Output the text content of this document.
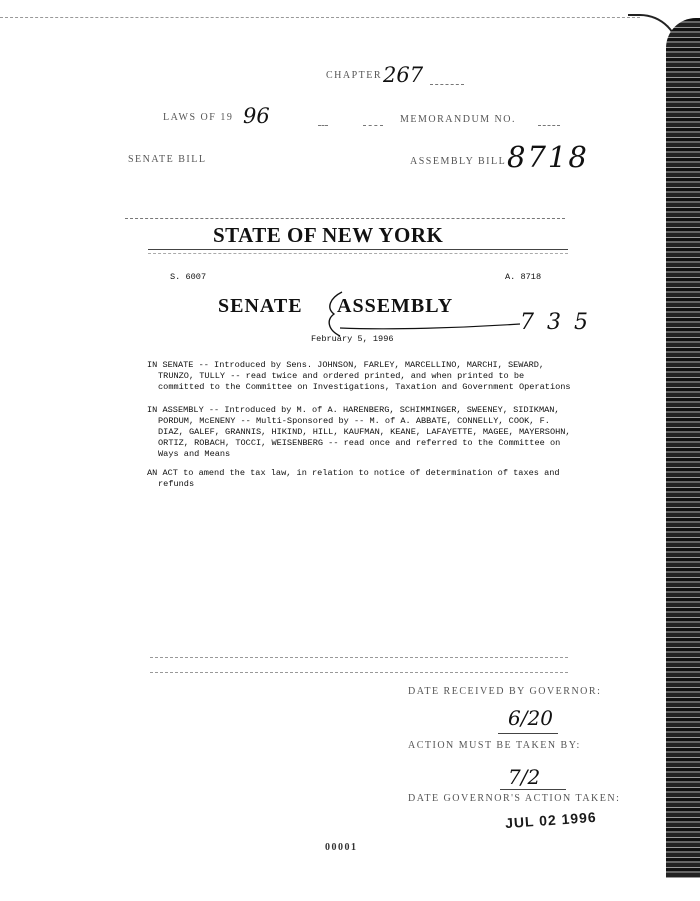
CHAPTER 267
LAWS OF 19 96	MEMORANDUM NO.
SENATE BILL	ASSEMBLY BILL 8718
STATE OF NEW YORK
S. 6007	A. 8718
SENATE ASSEMBLY
7 3 5
February 5, 1996
IN SENATE -- Introduced by Sens. JOHNSON, FARLEY, MARCELLINO, MARCHI, SEWARD, TRUNZO, TULLY -- read twice and ordered printed, and when printed to be committed to the Committee on Investigations, Taxation and Government Operations
IN ASSEMBLY -- Introduced by M. of A. HARENBERG, SCHIMMINGER, SWEENEY, SIDIKMAN, PORDUM, McENENY -- Multi-Sponsored by -- M. of A. ABBATE, CONNELLY, COOK, F. DIAZ, GALEF, GRANNIS, HIKIND, HILL, KAUFMAN, KEANE, LAFAYETTE, MAGEE, MAYERSOHN, ORTIZ, ROBACH, TOCCI, WEISENBERG -- read once and referred to the Committee on Ways and Means
AN ACT to amend the tax law, in relation to notice of determination of taxes and refunds
DATE RECEIVED BY GOVERNOR:
6/20
ACTION MUST BE TAKEN BY:
7/2
DATE GOVERNOR'S ACTION TAKEN:
JUL 02 1996
00001
